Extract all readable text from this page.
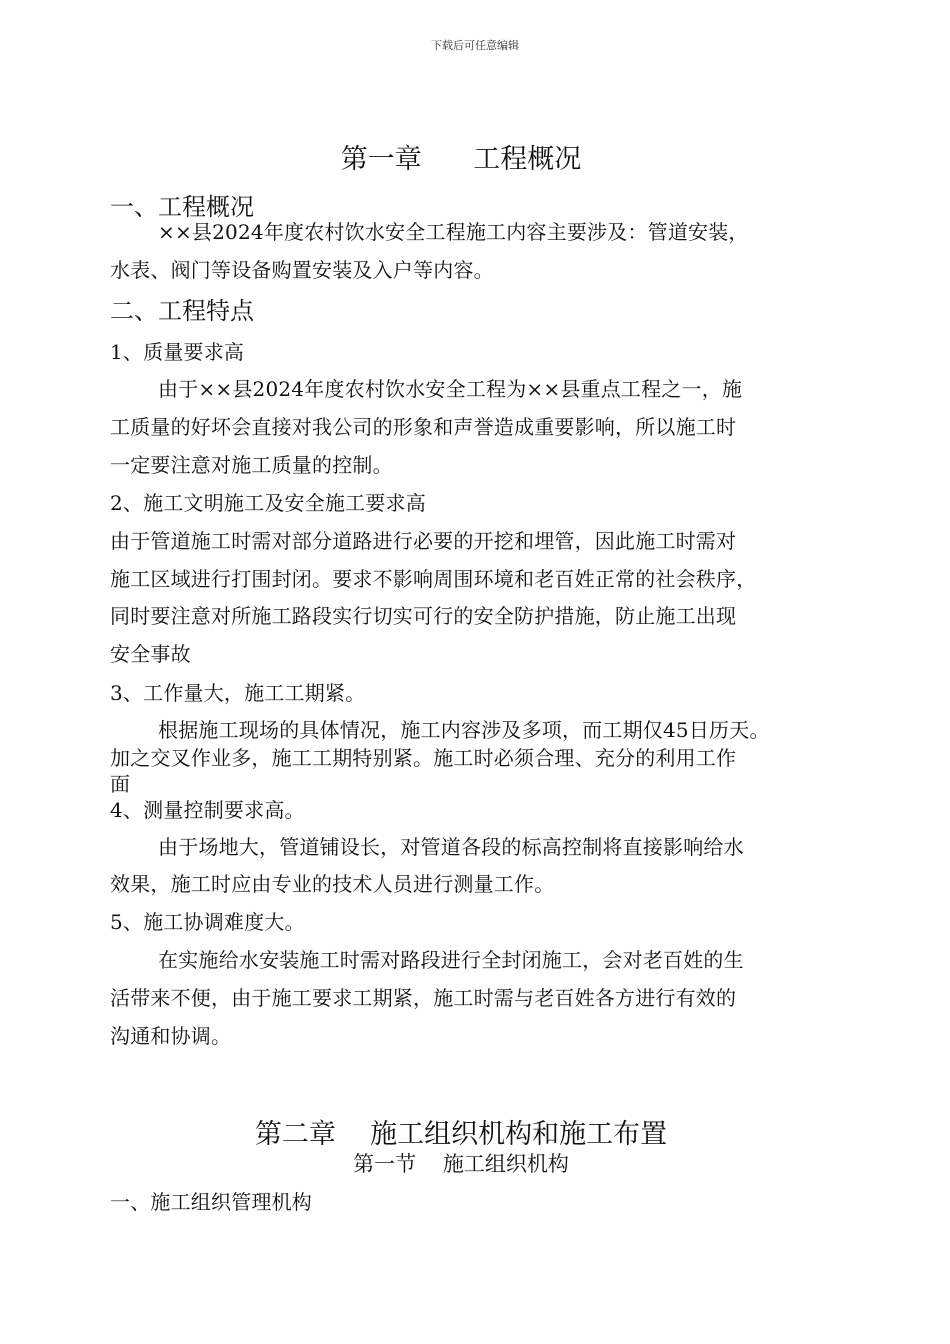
下载后可任意编辑
第一章      工程概况
一、工程概况
××县2024年度农村饮水安全工程施工内容主要涉及：管道安装，
水表、阀门等设备购置安装及入户等内容。
二、工程特点
1、质量要求高
由于××县2024年度农村饮水安全工程为××县重点工程之一，施
工质量的好坏会直接对我公司的形象和声誉造成重要影响，所以施工时
一定要注意对施工质量的控制。
2、施工文明施工及安全施工要求高
由于管道施工时需对部分道路进行必要的开挖和埋管，因此施工时需对
施工区域进行打围封闭。要求不影响周围环境和老百姓正常的社会秩序，
同时要注意对所施工路段实行切实可行的安全防护措施，防止施工出现
安全事故
3、工作量大，施工工期紧。
根据施工现场的具体情况，施工内容涉及多项，而工期仅45日历天。
加之交叉作业多，施工工期特别紧。施工时必须合理、充分的利用工作
面
4、测量控制要求高。
由于场地大，管道铺设长，对管道各段的标高控制将直接影响给水
效果，施工时应由专业的技术人员进行测量工作。
5、施工协调难度大。
在实施给水安装施工时需对路段进行全封闭施工，会对老百姓的生
活带来不便，由于施工要求工期紧，施工时需与老百姓各方进行有效的
沟通和协调。
第二章    施工组织机构和施工布置
第一节    施工组织机构
一、施工组织管理机构
